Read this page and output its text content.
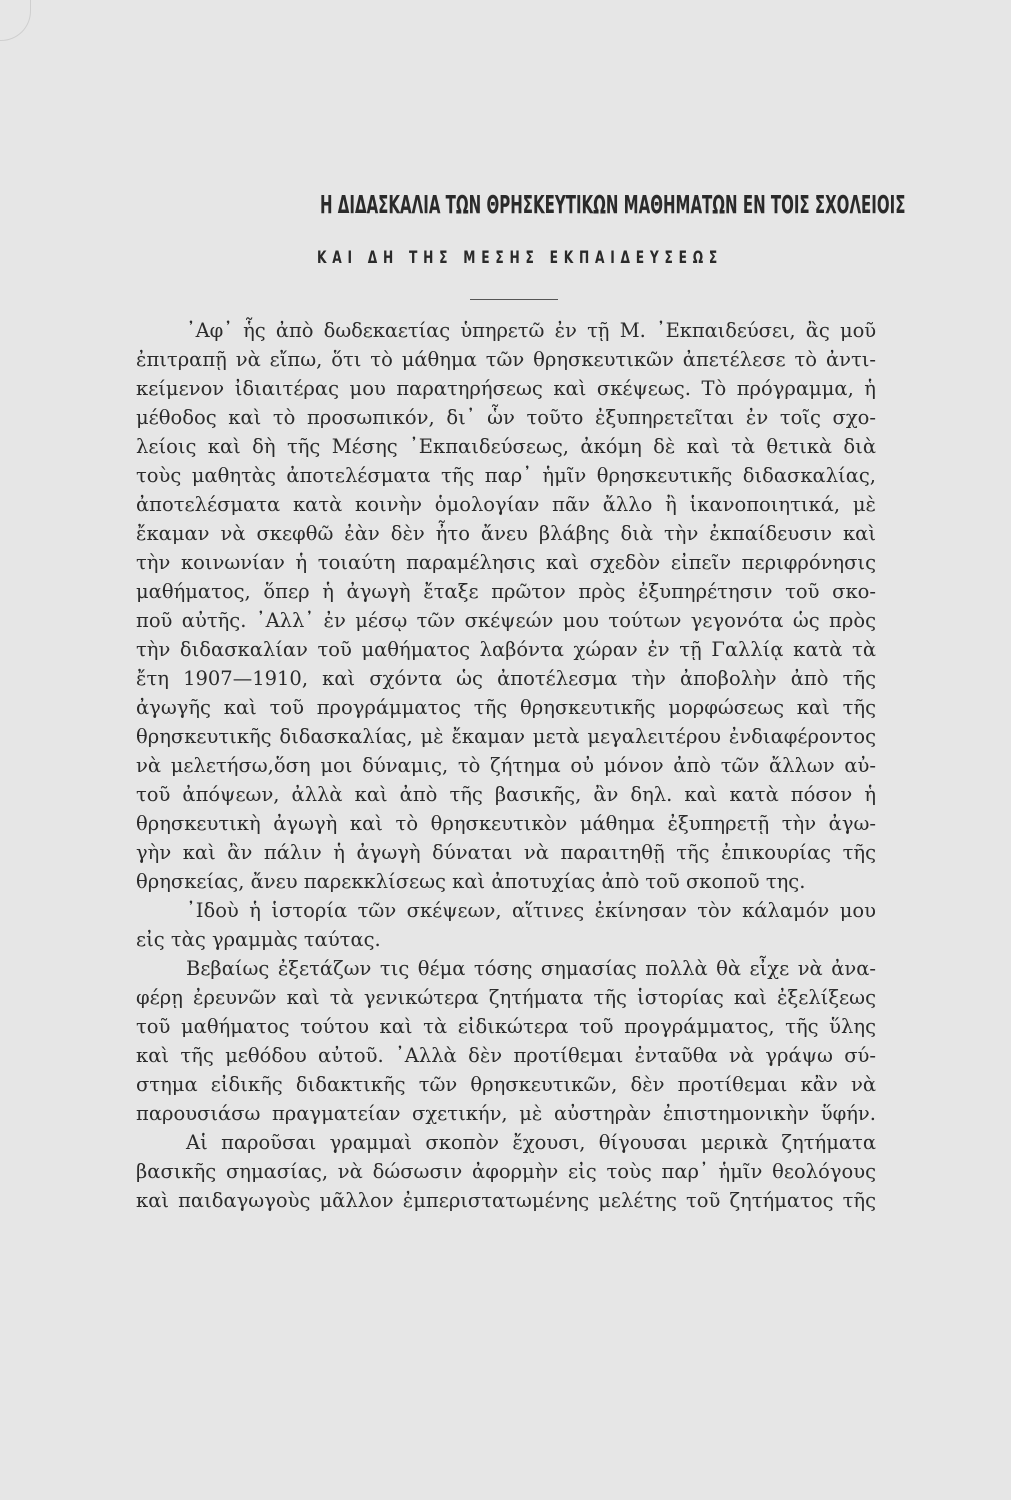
Η ΔΙΔΑΣΚΑΛΙΑ ΤΩΝ ΘΡΗΣΚΕΥΤΙΚΩΝ ΜΑΘΗΜΑΤΩΝ ΕΝ ΤΟΙΣ ΣΧΟΛΕΙΟΙΣ
ΚΑΙ ΔΗ ΤΗΣ ΜΕΣΗΣ ΕΚΠΑΙΔΕΥΣΕΩΣ
᾿Αφ᾿ ἧς ἀπὸ δωδεκαετίας ὑπηρετῶ ἐν τῇ Μ. ᾿Εκπαιδεύσει, ἂς μοῦ
ἐπιτραπῇ νὰ εἴπω, ὅτι τὸ μάθημα τῶν θρησκευτικῶν ἀπετέλεσε τὸ ἀντι-
κείμενον ἰδιαιτέρας μου παρατηρήσεως καὶ σκέψεως. Τὸ πρόγραμμα, ἡ
μέθοδος καὶ τὸ προσωπικόν, δι᾿ ὧν τοῦτο ἐξυπηρετεῖται ἐν τοῖς σχο-
λείοις καὶ δὴ τῆς Μέσης ᾿Εκπαιδεύσεως, ἀκόμη δὲ καὶ τὰ θετικὰ διὰ
τοὺς μαθητὰς ἀποτελέσματα τῆς παρ᾿ ἡμῖν θρησκευτικῆς διδασκαλίας,
ἀποτελέσματα κατὰ κοινὴν ὁμολογίαν πᾶν ἄλλο ἢ ἱκανοποιητικά, μὲ
ἔκαμαν νὰ σκεφθῶ ἐὰν δὲν ἦτο ἄνευ βλάβης διὰ τὴν ἐκπαίδευσιν καὶ
τὴν κοινωνίαν ἡ τοιαύτη παραμέλησις καὶ σχεδὸν εἰπεῖν περιφρόνησις
μαθήματος, ὅπερ ἡ ἀγωγὴ ἔταξε πρῶτον πρὸς ἐξυπηρέτησιν τοῦ σκο-
ποῦ αὐτῆς. ᾿Αλλ᾿ ἐν μέσῳ τῶν σκέψεών μου τούτων γεγονότα ὡς πρὸς
τὴν διδασκαλίαν τοῦ μαθήματος λαβόντα χώραν ἐν τῇ Γαλλίᾳ κατὰ τὰ
ἔτη 1907—1910, καὶ σχόντα ὡς ἀποτέλεσμα τὴν ἀποβολὴν ἀπὸ τῆς
ἀγωγῆς καὶ τοῦ προγράμματος τῆς θρησκευτικῆς μορφώσεως καὶ τῆς
θρησκευτικῆς διδασκαλίας, μὲ ἔκαμαν μετὰ μεγαλειτέρου ἐνδιαφέροντος
νὰ μελετήσω,ὅση μοι δύναμις, τὸ ζήτημα οὐ μόνον ἀπὸ τῶν ἄλλων αὐ-
τοῦ ἀπόψεων, ἀλλὰ καὶ ἀπὸ τῆς βασικῆς, ἂν δηλ. καὶ κατὰ πόσον ἡ
θρησκευτικὴ ἀγωγὴ καὶ τὸ θρησκευτικὸν μάθημα ἐξυπηρετῇ τὴν ἀγω-
γὴν καὶ ἂν πάλιν ἡ ἀγωγὴ δύναται νὰ παραιτηθῇ τῆς ἐπικουρίας τῆς
θρησκείας, ἄνευ παρεκκλίσεως καὶ ἀποτυχίας ἀπὸ τοῦ σκοποῦ της.
᾿Ιδοὺ ἡ ἱστορία τῶν σκέψεων, αἵτινες ἐκίνησαν τὸν κάλαμόν μου
εἰς τὰς γραμμὰς ταύτας.
Βεβαίως ἐξετάζων τις θέμα τόσης σημασίας πολλὰ θὰ εἶχε νὰ ἀνα-
φέρῃ ἐρευνῶν καὶ τὰ γενικώτερα ζητήματα τῆς ἱστορίας καὶ ἐξελίξεως
τοῦ μαθήματος τούτου καὶ τὰ εἰδικώτερα τοῦ προγράμματος, τῆς ὕλης
καὶ τῆς μεθόδου αὐτοῦ. ᾿Αλλὰ δὲν προτίθεμαι ἐνταῦθα νὰ γράψω σύ-
στημα εἰδικῆς διδακτικῆς τῶν θρησκευτικῶν, δὲν προτίθεμαι κἂν νὰ
παρουσιάσω πραγματείαν σχετικήν, μὲ αὐστηρὰν ἐπιστημονικὴν ὕφήν.
Αἱ παροῦσαι γραμμαὶ σκοπὸν ἔχουσι, θίγουσαι μερικὰ ζητήματα
βασικῆς σημασίας, νὰ δώσωσιν ἀφορμὴν εἰς τοὺς παρ᾿ ἡμῖν θεολόγους
καὶ παιδαγωγοὺς μᾶλλον ἐμπεριστατωμένης μελέτης τοῦ ζητήματος τῆς
